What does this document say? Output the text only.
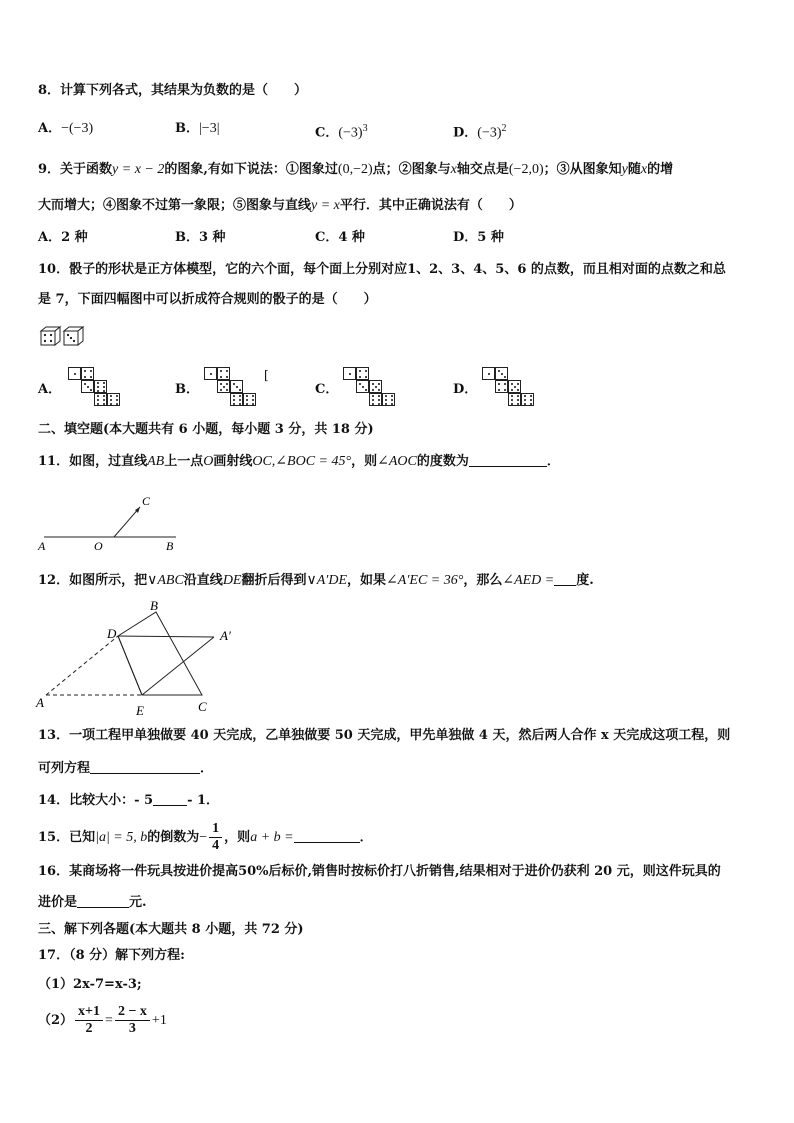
8．计算下列各式，其结果为负数的是（　　）
A．−(−3)	B．|−3|	C．$(-3)^3$	D．$(-3)^2$
9．关于函数y = x − 2的图象,有如下说法：①图象过(0,−2)点；②图象与x轴交点是(−2,0)；③从图象知y随x的增
大而增大；④图象不过第一象限；⑤图象与直线y = x平行．其中正确说法有（　　）
A．2 种	B．3 种	C．4 种	D．5 种
10．骰子的形状是正方体模型，它的六个面，每个面上分别对应1、2、3、4、5、6 的点数，而且相对面的点数之和总
是 7，下面四幅图中可以折成符合规则的骰子的是（　　）
A．	B．	C．	D．
[
二、填空题(本大题共有 6 小题，每小题 3 分，共 18 分)
11．如图，过直线AB上一点O画射线OC,∠BOC = 45°，则∠AOC的度数为	．
A	O	B
C
12．如图所示，把∨ABC沿直线DE翻折后得到∨A′DE，如果∠A′EC = 36°，那么∠AED = 度.
B
D	A′
A
E	C
13．一项工程甲单独做要 40 天完成，乙单独做要 50 天完成，甲先单独做 4 天，然后两人合作 x 天完成这项工程，则
可列方程	．
14．比较大小：- 5	- 1．
15．已知|a| = 5, b的倒数为− $\frac{1}{4}$ ，则a + b =	．
16．某商场将一件玩具按进价提高50%后标价,销售时按标价打八折销售,结果相对于进价仍获利 20 元，则这件玩具的
进价是	元.
三、解下列各题(本大题共 8 小题，共 72 分)
17．（8 分）解下列方程:
（1）2x-7=x-3;
$(2) \frac{x+1}{2} = \frac{2 - x}{3} +1$
